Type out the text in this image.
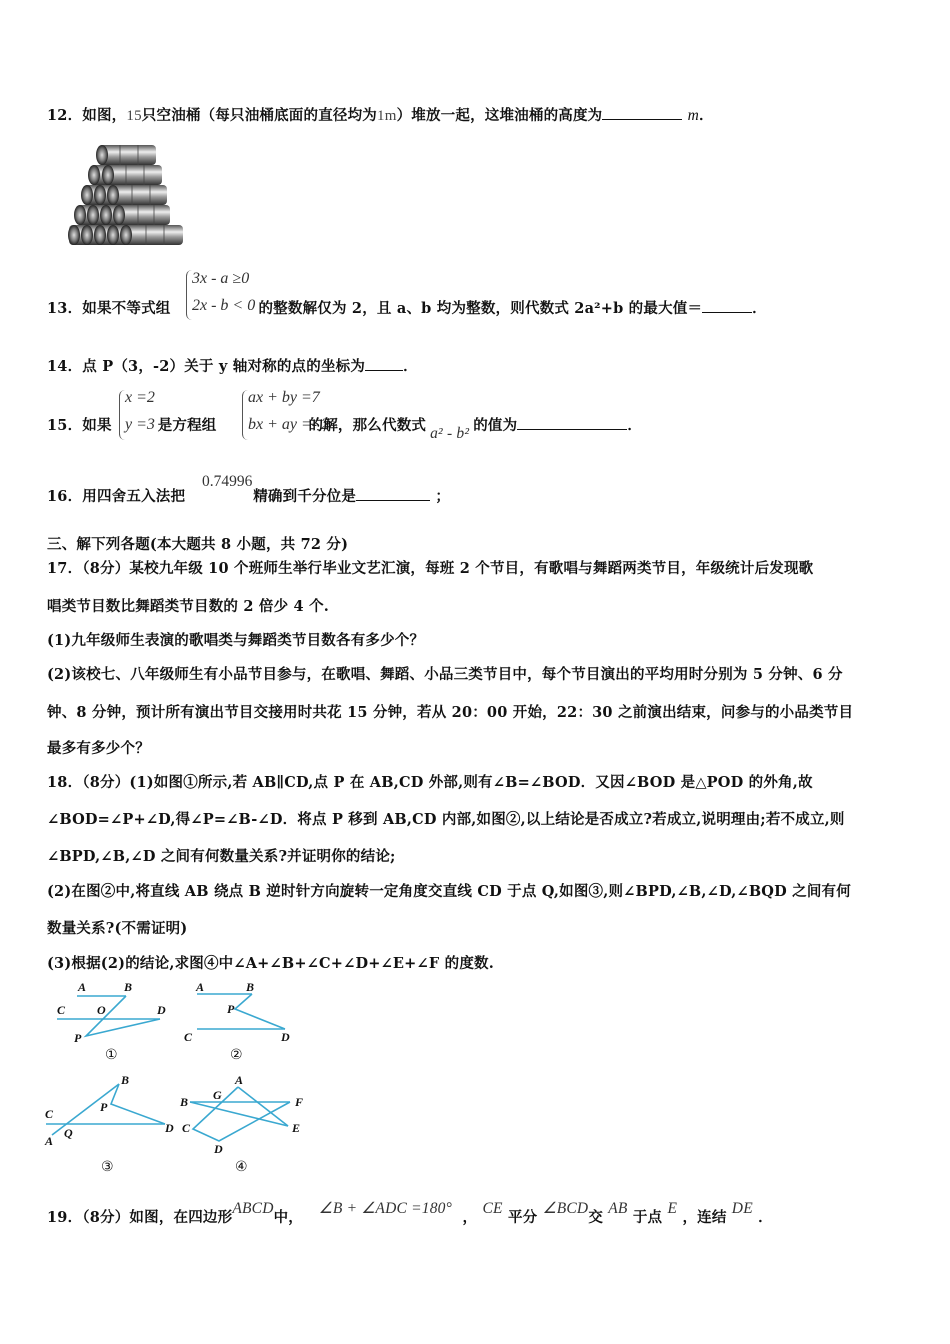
12．如图，15只空油桶（每只油桶底面的直径均为1m）堆放一起，这堆油桶的高度为	m．
3x - a ≥0
2x - b < 0
13．如果不等式组	的整数解仅为 2，且 a、b 均为整数，则代数式 2a²+b 的最大值＝	．
14．点 P（3，-2）关于 y 轴对称的点的坐标为	．
x =2
y =3
ax + by =7
bx + ay =- 2
15．如果	是方程组	的解，那么代数式 a² - b² 的值为	．
0.74996
16．用四舍五入法把	精确到千分位是	；
三、解下列各题(本大题共 8 小题，共 72 分)
17．（8分）某校九年级 10 个班师生举行毕业文艺汇演，每班 2 个节目，有歌唱与舞蹈两类节目，年级统计后发现歌
唱类节目数比舞蹈类节目数的 2 倍少 4 个.
(1)九年级师生表演的歌唱类与舞蹈类节目数各有多少个？
(2)该校七、八年级师生有小品节目参与，在歌唱、舞蹈、小品三类节目中，每个节目演出的平均用时分别为 5 分钟、6 分
钟、8 分钟，预计所有演出节目交接用时共花 15 分钟，若从 20：00 开始，22：30 之前演出结束，问参与的小品类节目
最多有多少个？
18．（8分）(1)如图①所示,若 AB∥CD,点 P 在 AB,CD 外部,则有∠B=∠BOD．又因∠BOD 是△POD 的外角,故
∠BOD=∠P+∠D,得∠P=∠B-∠D．将点 P 移到 AB,CD 内部,如图②,以上结论是否成立?若成立,说明理由;若不成立,则
∠BPD,∠B,∠D 之间有何数量关系?并证明你的结论;
(2)在图②中,将直线 AB 绕点 B 逆时针方向旋转一定角度交直线 CD 于点 Q,如图③,则∠BPD,∠B,∠D,∠BQD 之间有何
数量关系?(不需证明)
(3)根据(2)的结论,求图④中∠A+∠B+∠C+∠D+∠E+∠F 的度数.
A	B
C	O	D
P
①
A	B
P
C	D
②
B
P
C
D
Q
A
③
A
G
B	F
C	E
D
④
19．（8分）如图，在四边形ABCD中，   ∠B + ∠ADC =180°  ， CE 平分 ∠BCD交 AB 于点 E ，连结 DE ．
